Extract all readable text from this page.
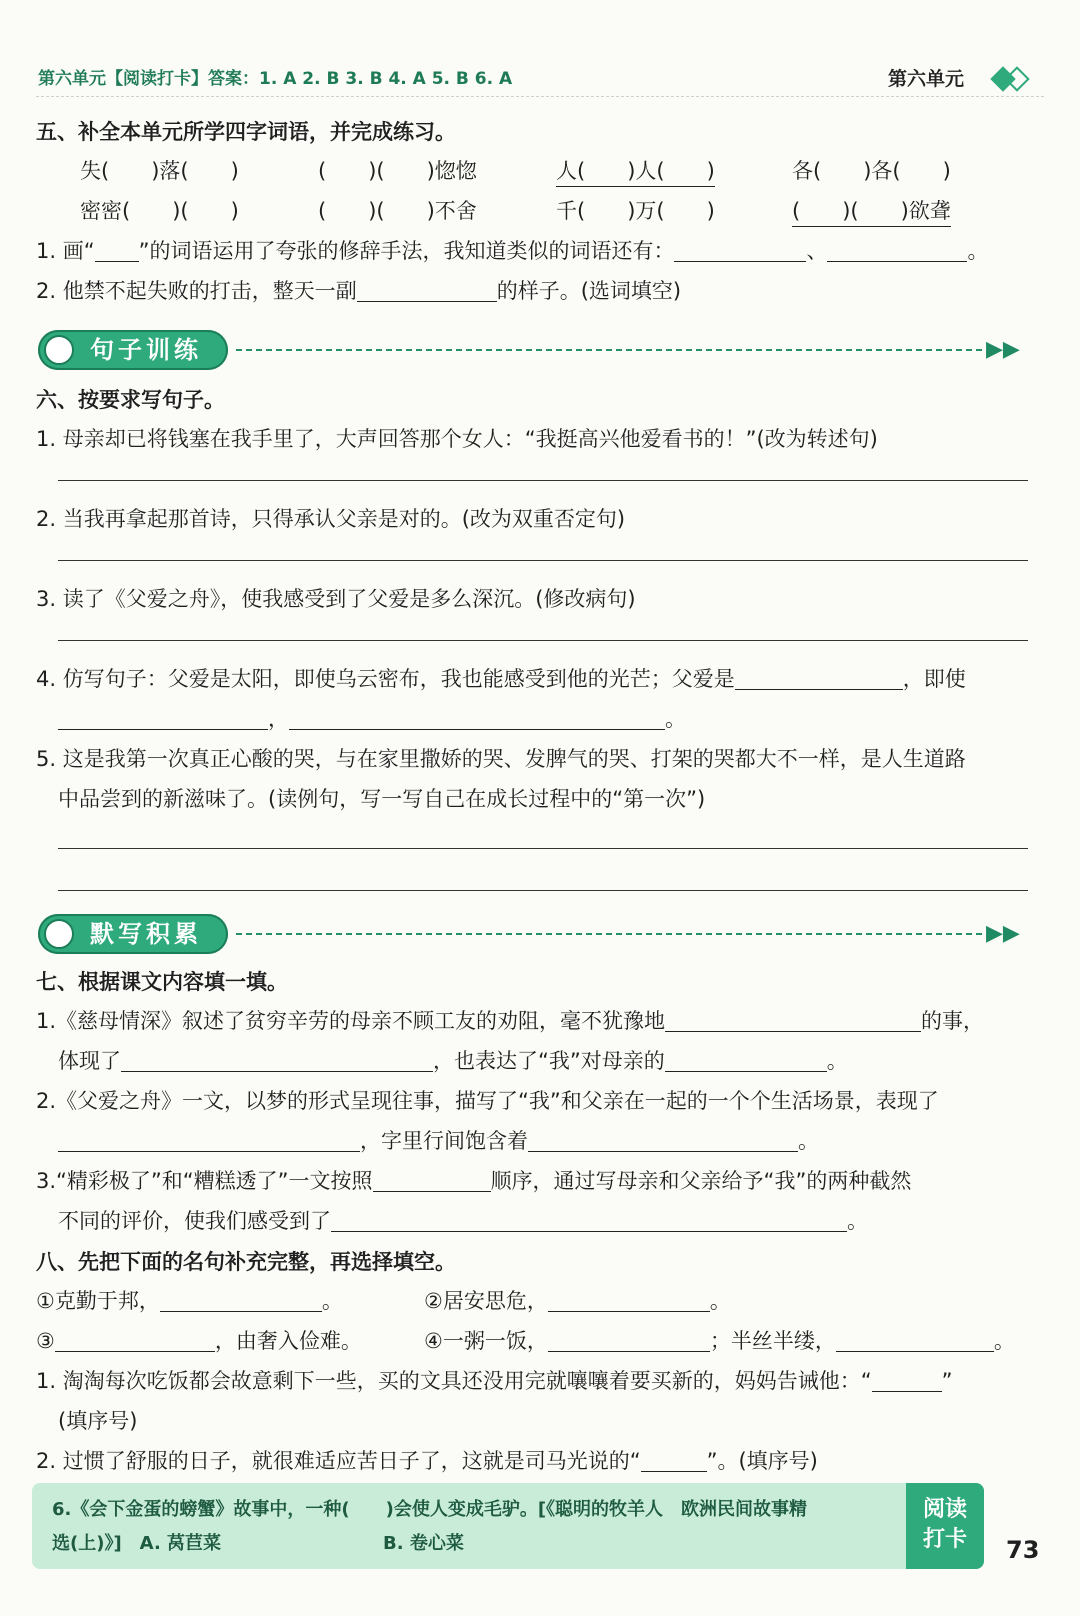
第六单元【阅读打卡】答案：1. A 2. B 3. B 4. A 5. B 6. A	第六单元
五、补全本单元所学四字词语，并完成练习。
失(　　)落(　　)	(　　)(　　)惚惚	人(　　)人(　　)	各(　　)各(　　)
密密(　　)(　　)	(　　)(　　)不舍	千(　　)万(　　)	(　　)(　　)欲聋
1. 画“ ”的词语运用了夸张的修辞手法，我知道类似的词语还有：	、	。
2. 他禁不起失败的打击，整天一副	的样子。(选词填空)
句子训练	▶▶
六、按要求写句子。
1. 母亲却已将钱塞在我手里了，大声回答那个女人：“我挺高兴他爱看书的！”(改为转述句)
2. 当我再拿起那首诗，只得承认父亲是对的。(改为双重否定句)
3. 读了《父爱之舟》，使我感受到了父爱是多么深沉。(修改病句)
4. 仿写句子：父爱是太阳，即使乌云密布，我也能感受到他的光芒；父爱是	，即使
，	。
5. 这是我第一次真正心酸的哭，与在家里撒娇的哭、发脾气的哭、打架的哭都大不一样，是人生道路
中品尝到的新滋味了。(读例句，写一写自己在成长过程中的“第一次”)
默写积累	▶▶
七、根据课文内容填一填。
1.《慈母情深》叙述了贫穷辛劳的母亲不顾工友的劝阻，毫不犹豫地	的事，
体现了	，也表达了“我”对母亲的	。
2.《父爱之舟》一文，以梦的形式呈现往事，描写了“我”和父亲在一起的一个个生活场景，表现了
，字里行间饱含着	。
3.“精彩极了”和“糟糕透了”一文按照	顺序，通过写母亲和父亲给予“我”的两种截然
不同的评价，使我们感受到了	。
八、先把下面的名句补充完整，再选择填空。
①克勤于邦，	。	②居安思危，	。
③	，由奢入俭难。	④一粥一饭，	；半丝半缕，	。
1. 淘淘每次吃饭都会故意剩下一些，买的文具还没用完就嚷嚷着要买新的，妈妈告诫他：“	”
(填序号)
2. 过惯了舒服的日子，就很难适应苦日子了，这就是司马光说的“	”。(填序号)
6.《会下金蛋的螃蟹》故事中，一种(　　)会使人变成毛驴。[《聪明的牧羊人　欧洲民间故事精
选(上)》]　A. 莴苣菜　　　　　　　　　B. 卷心菜
阅读
打卡	73
